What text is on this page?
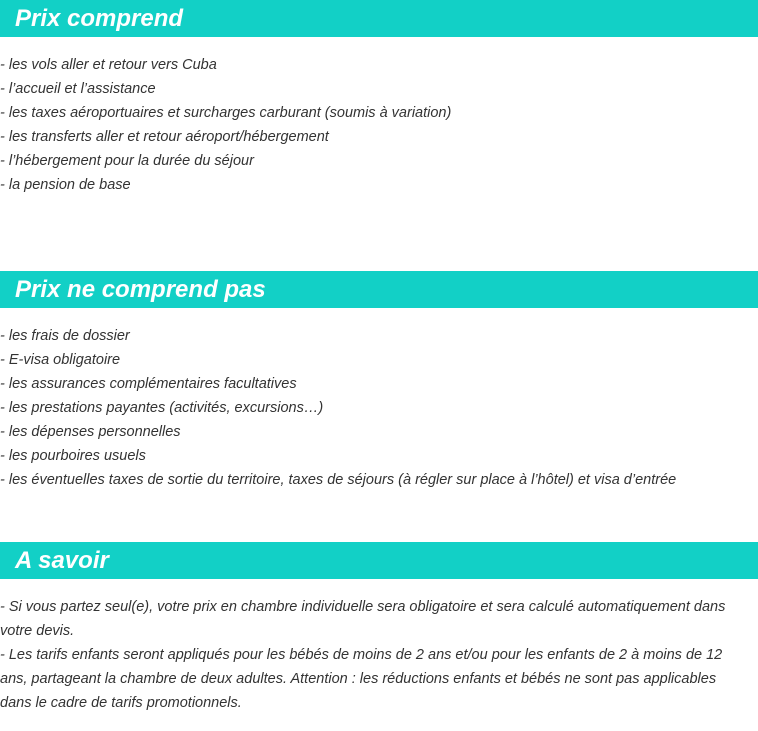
Prix comprend
- les vols aller et retour vers Cuba
- l’accueil et l’assistance
- les taxes aéroportuaires et surcharges carburant (soumis à variation)
- les transferts aller et retour aéroport/hébergement
- l’hébergement pour la durée du séjour
- la pension de base
Prix ne comprend pas
- les frais de dossier
- E-visa obligatoire
- les assurances complémentaires facultatives
- les prestations payantes (activités, excursions…)
- les dépenses personnelles
- les pourboires usuels
- les éventuelles taxes de sortie du territoire, taxes de séjours (à régler sur place à l’hôtel) et visa d’entrée
A savoir

- Si vous partez seul(e), votre prix en chambre individuelle sera obligatoire et sera calculé automatiquement dans votre devis.

- Les tarifs enfants seront appliqués pour les bébés de moins de 2 ans et/ou pour les enfants de 2 à moins de 12 ans, partageant la chambre de deux adultes. Attention : les réductions enfants et bébés ne sont pas applicables dans le cadre de tarifs promotionnels.
